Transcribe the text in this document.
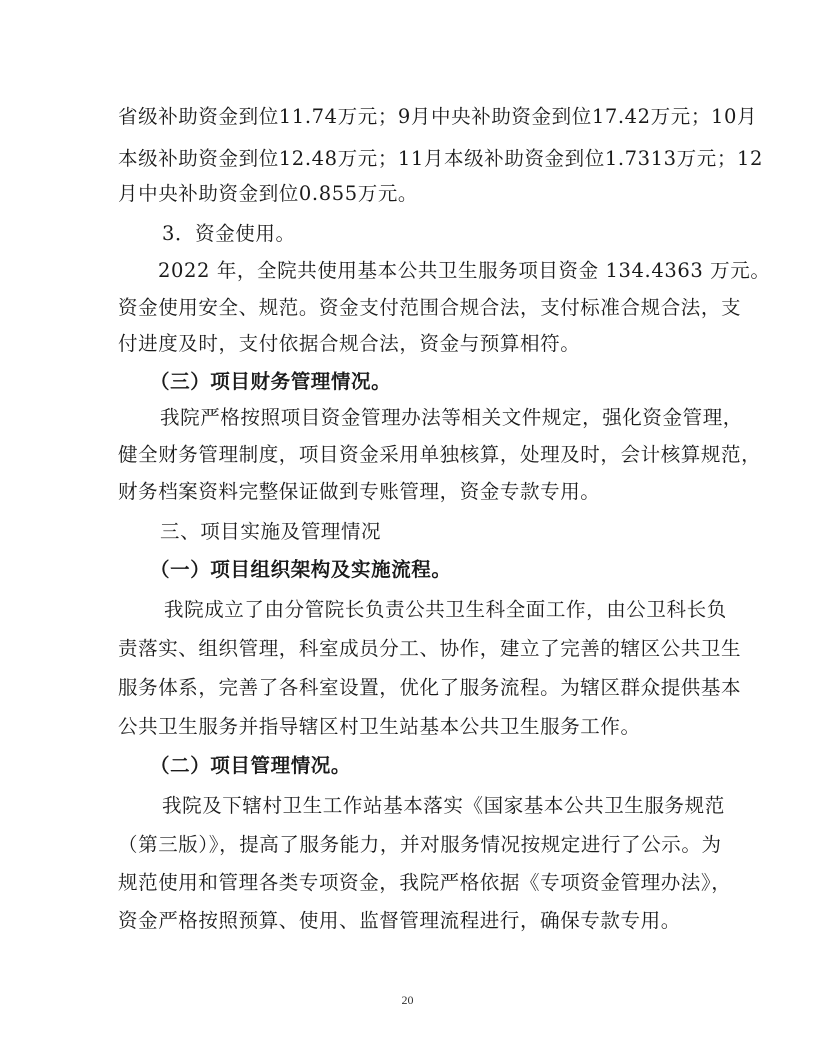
省级补助资金到位11.74万元；9月中央补助资金到位17.42万元；10月
本级补助资金到位12.48万元；11月本级补助资金到位1.7313万元；12
月中央补助资金到位0.855万元。
3．资金使用。
2022 年，全院共使用基本公共卫生服务项目资金 134.4363 万元。
资金使用安全、规范。资金支付范围合规合法，支付标准合规合法，支
付进度及时，支付依据合规合法，资金与预算相符。
（三）项目财务管理情况。
我院严格按照项目资金管理办法等相关文件规定，强化资金管理，
健全财务管理制度，项目资金采用单独核算，处理及时，会计核算规范，
财务档案资料完整保证做到专账管理，资金专款专用。
三、项目实施及管理情况
（一）项目组织架构及实施流程。
我院成立了由分管院长负责公共卫生科全面工作，由公卫科长负
责落实、组织管理，科室成员分工、协作，建立了完善的辖区公共卫生
服务体系，完善了各科室设置，优化了服务流程。为辖区群众提供基本
公共卫生服务并指导辖区村卫生站基本公共卫生服务工作。
（二）项目管理情况。
我院及下辖村卫生工作站基本落实《国家基本公共卫生服务规范
（第三版）》，提高了服务能力，并对服务情况按规定进行了公示。为
规范使用和管理各类专项资金，我院严格依据《专项资金管理办法》，
资金严格按照预算、使用、监督管理流程进行，确保专款专用。
20
